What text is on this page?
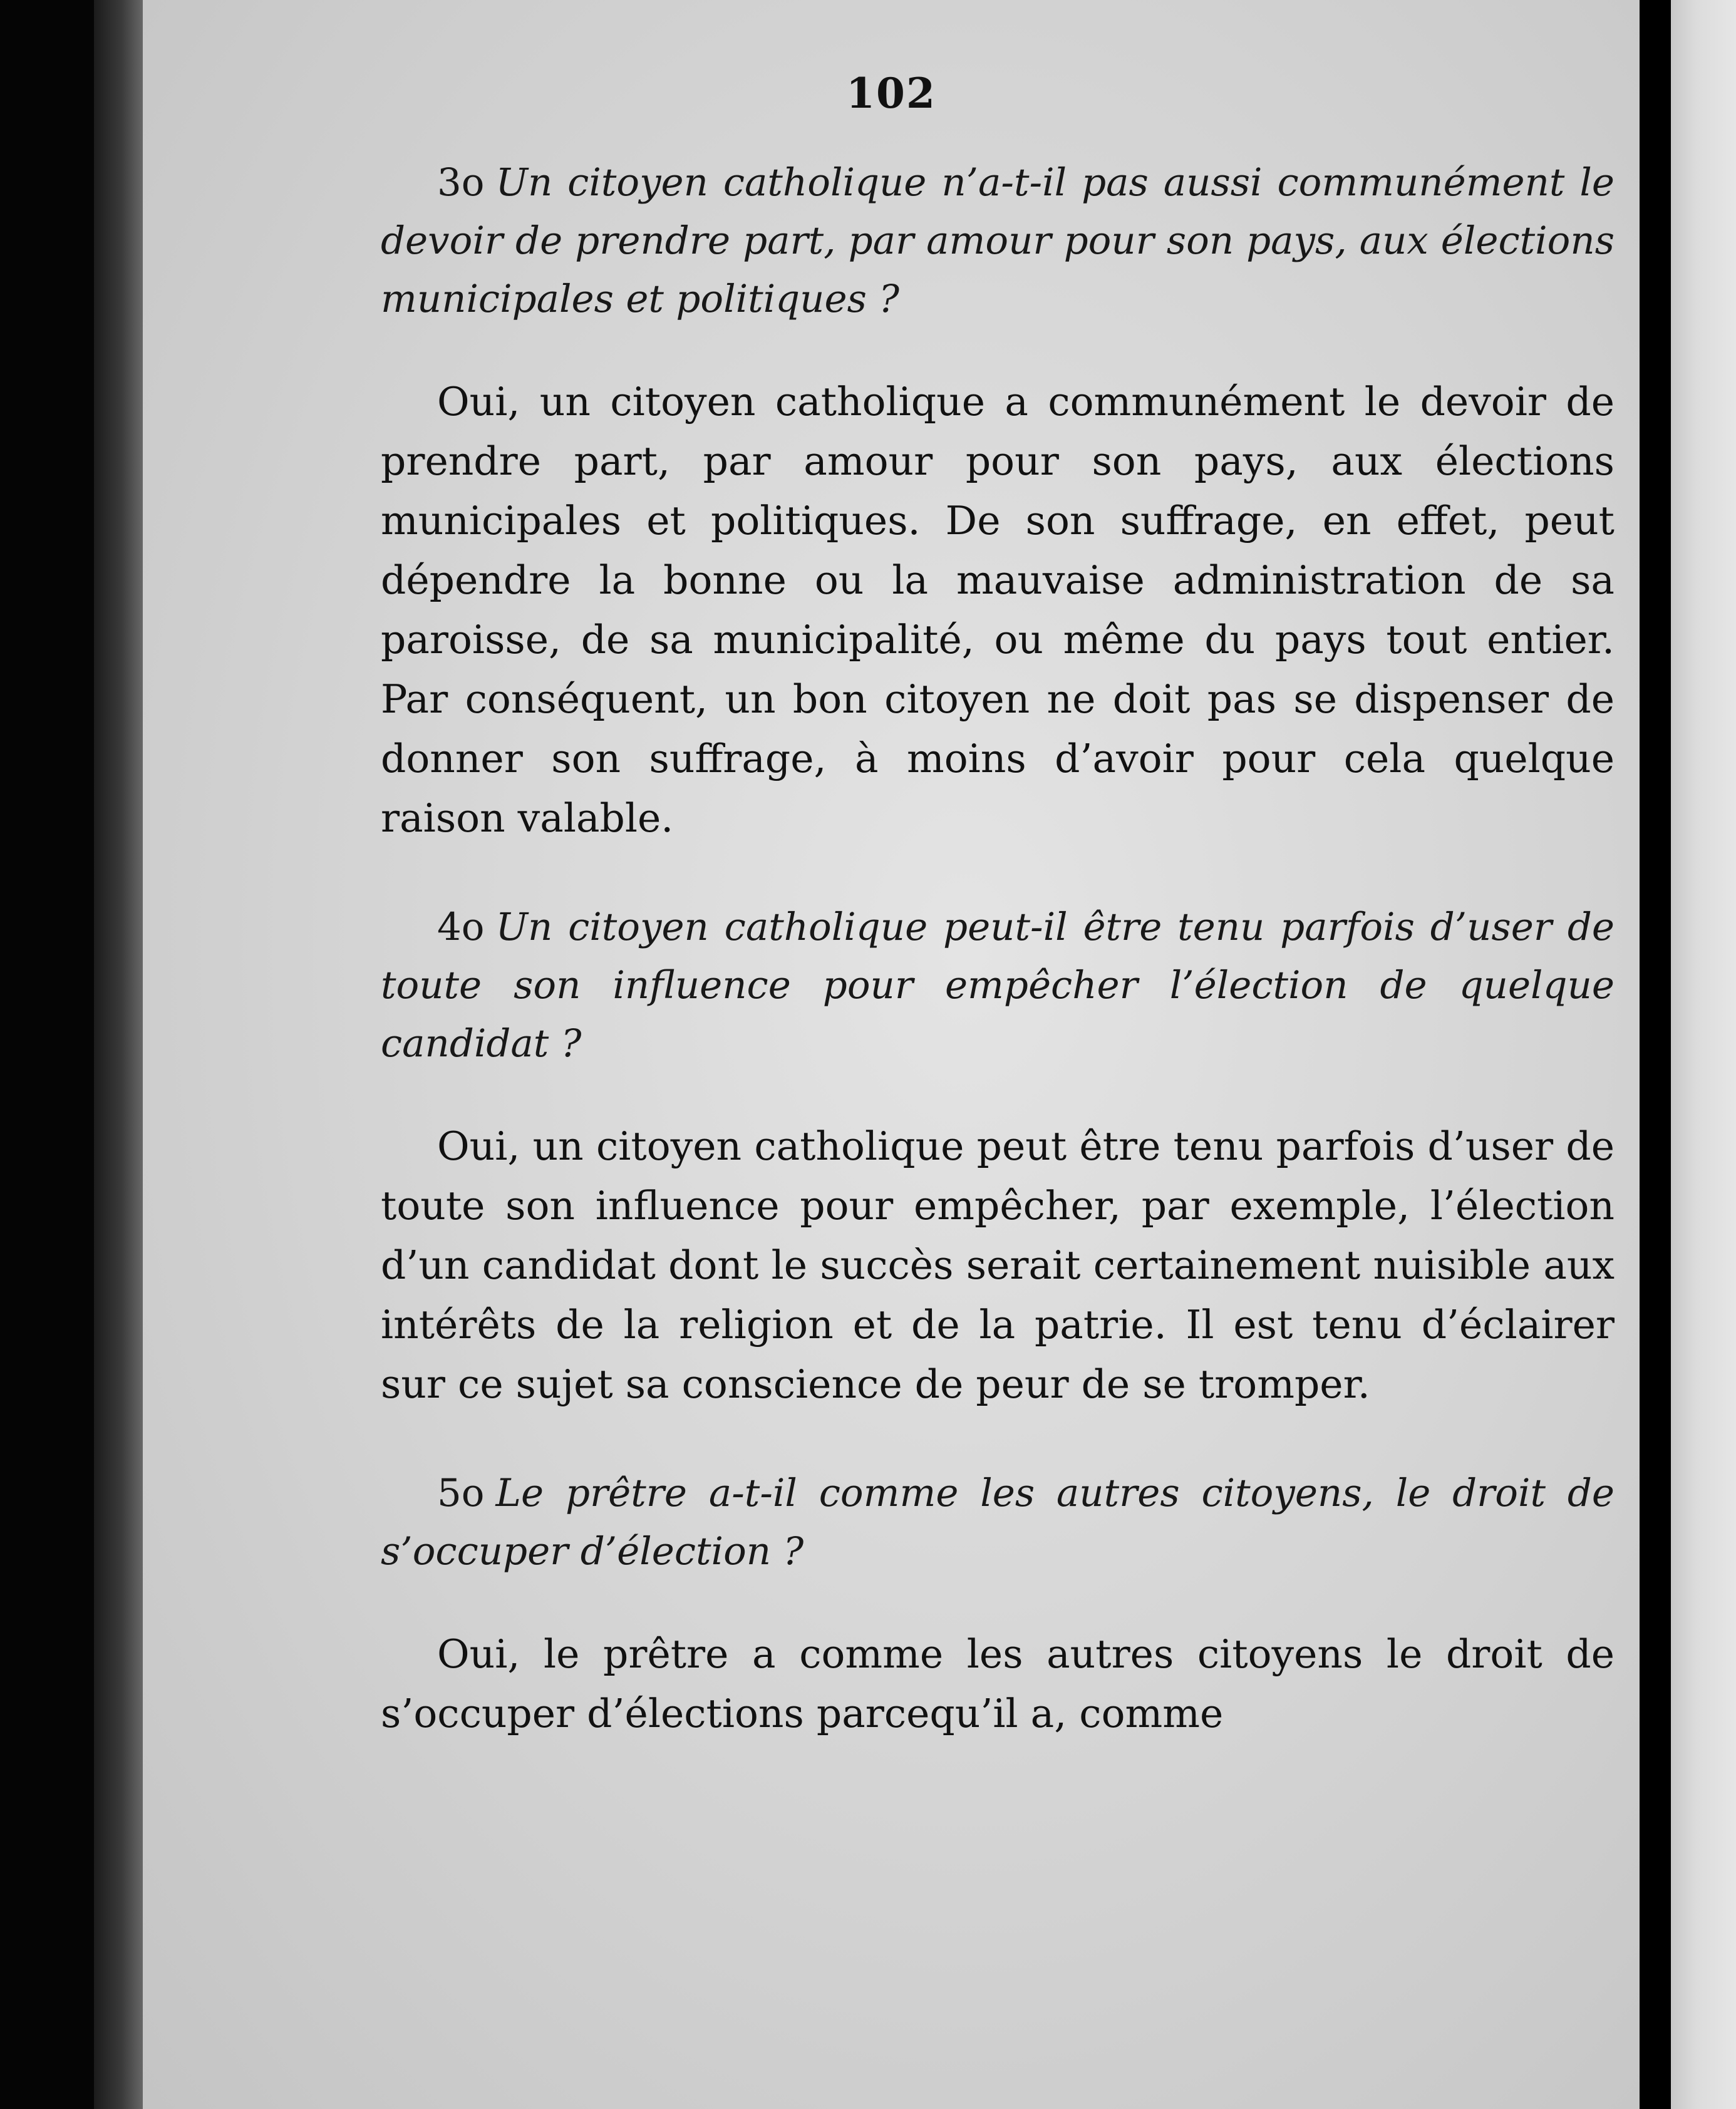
102

3o Un citoyen catholique n’a-t-il pas aussi communément le devoir de prendre part, par amour pour son pays, aux élections municipales et politiques ?

Oui, un citoyen catholique a communément le devoir de prendre part, par amour pour son pays, aux élections municipales et politiques. De son suffrage, en effet, peut dépendre la bonne ou la mauvaise administration de sa paroisse, de sa municipalité, ou même du pays tout entier. Par conséquent, un bon citoyen ne doit pas se dispenser de donner son suffrage, à moins d’avoir pour cela quelque raison valable.

4o Un citoyen catholique peut-il être tenu parfois d’user de toute son influence pour empêcher l’élection de quelque candidat ?

Oui, un citoyen catholique peut être tenu parfois d’user de toute son influence pour empêcher, par exemple, l’élection d’un candidat dont le succès serait certainement nuisible aux intérêts de la religion et de la patrie. Il est tenu d’éclairer sur ce sujet sa conscience de peur de se tromper.

5o Le prêtre a-t-il comme les autres citoyens, le droit de s’occuper d’élection ?

Oui, le prêtre a comme les autres citoyens le droit de s’occuper d’élections parcequ’il a, comme
